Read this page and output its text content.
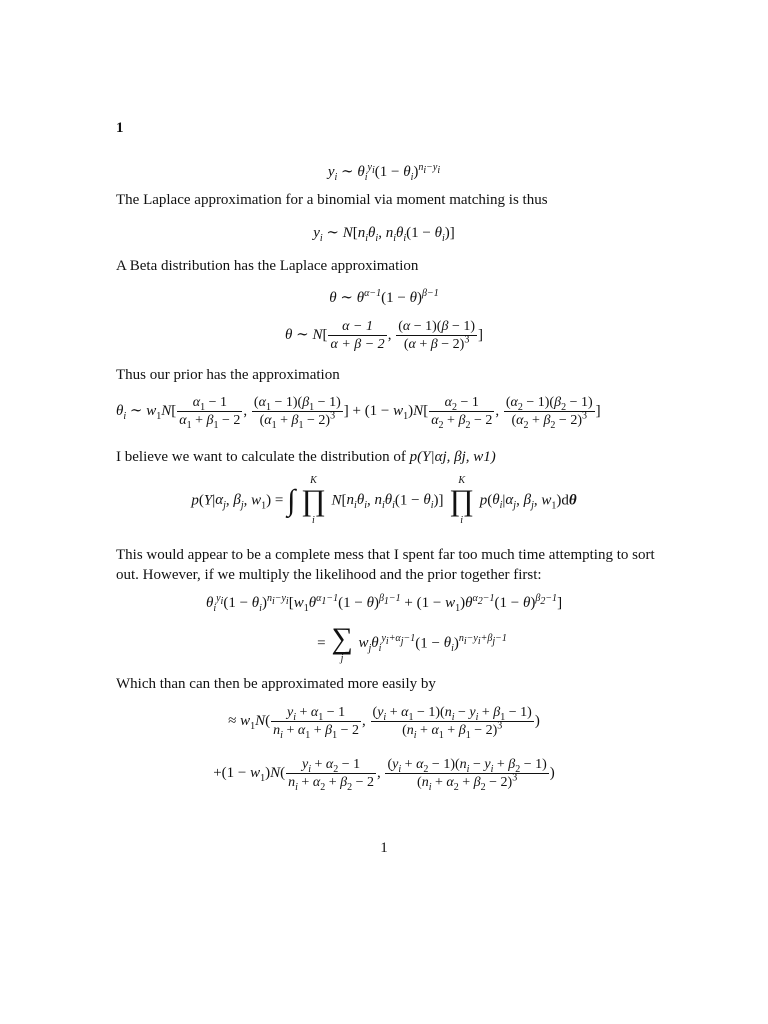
1
$y_i$ ∼ $\theta_i^{y_i}(1 - \theta_i)^{n_i-y_i}$
The Laplace approximation for a binomial via moment matching is thus
$y_i$ ∼ $N[n_i\theta_i$, $n_i\theta_i(1 - \theta_i)$]
A Beta distribution has the Laplace approximation
θ ∼ $\theta^{\alpha-1}(1 - \theta)^{\beta-1}$
θ ∼ $N[ \frac{\alpha - 1}{\alpha + \beta - 2}$ , $\frac{(\alpha - 1)(\beta - 1)}{(\alpha + \beta - 2)^3}$ ]
Thus our prior has the approximation
$\theta_i$ ∼ $w_1N[ \frac{\alpha_1 - 1}{\alpha_1 + \beta_1 - 2}$ , $\frac{(\alpha_1 - 1)(\beta_1 - 1)}{(\alpha_1 + \beta_1 - 2)^3}$ ] + $(1 - w_1)N[ \frac{\alpha_2 - 1}{\alpha_2 + \beta_2 - 2}$ , $\frac{(\alpha_2 - 1)(\beta_2 - 1)}{(\alpha_2 + \beta_2 - 2)^3}$ ]
I believe we want to calculate the distribution of p(Y|αj, βj, w1)
$p(Y|\alpha_j$, $\beta_j$, $w_1$) = ∫
K
∏
i
$N[n_i\theta_i$, $n_i\theta_i(1 - \theta_i)$]
K
∏
i
$p(\theta_i|\alpha_j$, $\beta_j$, $w_1)d\theta$
This would appear to be a complete mess that I spent far too much time attempting to sort out. However, if we multiply the likelihood and the prior together first:
$\theta_i^{y_i}(1 - \theta_i)^{n_i-y_i}[w_1\theta^{\alpha_1-1}(1 - \theta)^{\beta_1-1} + (1 - w_1)\theta^{\alpha_2-1}(1 - \theta)^{\beta_2-1}]$
= ∑
j
$w_j\theta_i^{y_i+\alpha_j-1}(1 - \theta_i)^{n_i-y_i+\beta_j-1}$
Which than can then be approximated more easily by
≈ $w_1N( \frac{y_i + \alpha_1 - 1}{n_i + \alpha_1 + \beta_1 - 2}$ , $\frac{(y_i + \alpha_1 - 1)(n_i - y_i + \beta_1 - 1)}{(n_i + \alpha_1 + \beta_1 - 2)^3}$ )
$+(1 - w_1)N( \frac{y_i + \alpha_2 - 1}{n_i + \alpha_2 + \beta_2 - 2}$ , $\frac{(y_i + \alpha_2 - 1)(n_i - y_i + \beta_2 - 1)}{(n_i + \alpha_2 + \beta_2 - 2)^3}$ )
1
